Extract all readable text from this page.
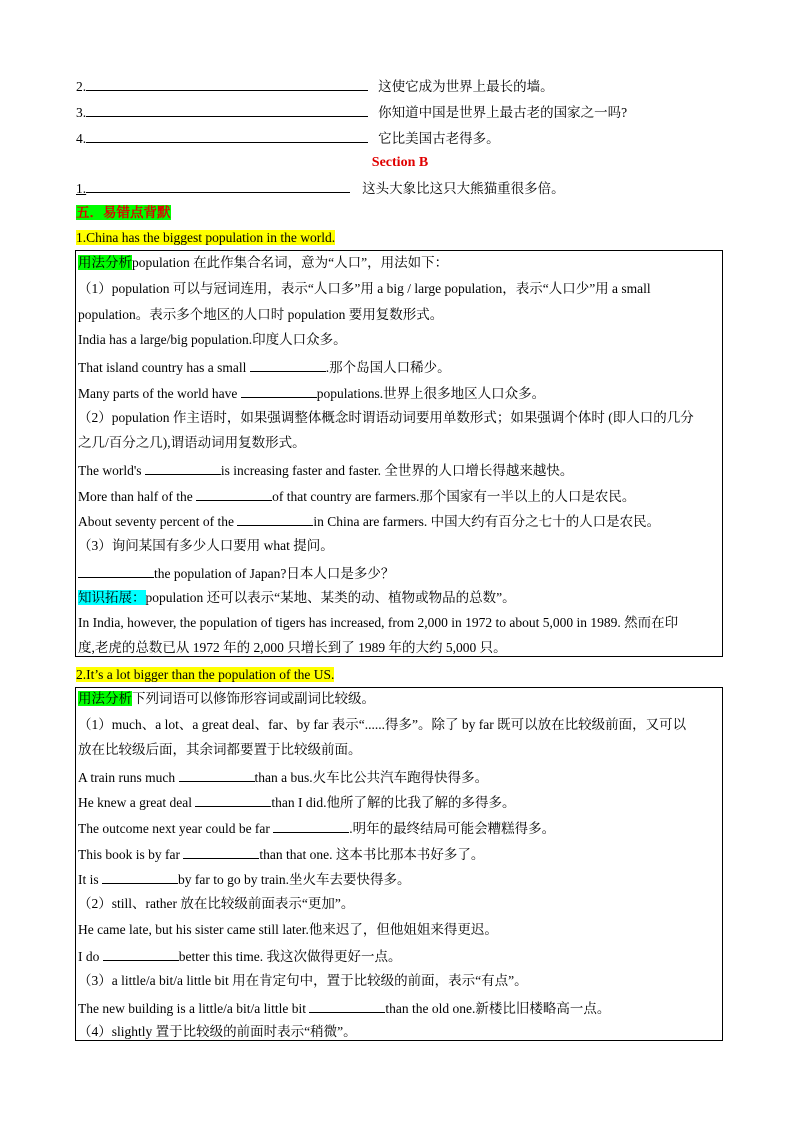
2.	这使它成为世界上最长的墙。
3.	你知道中国是世界上最古老的国家之一吗?
4.	它比美国古老得多。
Section B
1.	这头大象比这只大熊猫重很多倍。
五．易错点背默
1.China has the biggest population in the world.
用法分析population 在此作集合名词，意为“人口”，用法如下：
（1）population 可以与冠词连用，表示“人口多”用 a big / large population，表示“人口少”用 a small
population。表示多个地区的人口时 population 要用复数形式。
India has a large/big population.印度人口众多。
That island country has a small	.那个岛国人口稀少。
Many parts of the world have	populations.世界上很多地区人口众多。
（2）population 作主语时，如果强调整体概念时谓语动词要用单数形式；如果强调个体时 (即人口的几分
之几/百分之几),谓语动词用复数形式。
The world's	is increasing faster and faster. 全世界的人口增长得越来越快。
More than half of the	of that country are farmers.那个国家有一半以上的人口是农民。
About seventy percent of the	in China are farmers. 中国大约有百分之七十的人口是农民。
（3）询问某国有多少人口要用 what 提问。
the population of Japan?日本人口是多少？
知识拓展：population 还可以表示“某地、某类的动、植物或物品的总数”。
In India, however, the population of tigers has increased, from 2,000 in 1972 to about 5,000 in 1989. 然而在印
度,老虎的总数已从 1972 年的 2,000 只增长到了 1989 年的大约 5,000 只。
2.It’s a lot bigger than the population of the US.
用法分析下列词语可以修饰形容词或副词比较级。
（1）much、a lot、a great deal、far、by far 表示“......得多”。除了 by far 既可以放在比较级前面，又可以
放在比较级后面，其余词都要置于比较级前面。
A train runs much	than a bus.火车比公共汽车跑得快得多。
He knew a great deal	than I did.他所了解的比我了解的多得多。
The outcome next year could be far	.明年的最终结局可能会糟糕得多。
This book is by far	than that one. 这本书比那本书好多了。
It is	by far to go by train.坐火车去要快得多。
（2）still、rather 放在比较级前面表示“更加”。
He came late, but his sister came still later.他来迟了，但他姐姐来得更迟。
I do	better this time. 我这次做得更好一点。
（3）a little/a bit/a little bit 用在肯定句中，置于比较级的前面，表示“有点”。
The new building is a little/a bit/a little bit	than the old one.新楼比旧楼略高一点。
（4）slightly 置于比较级的前面时表示“稍微”。
